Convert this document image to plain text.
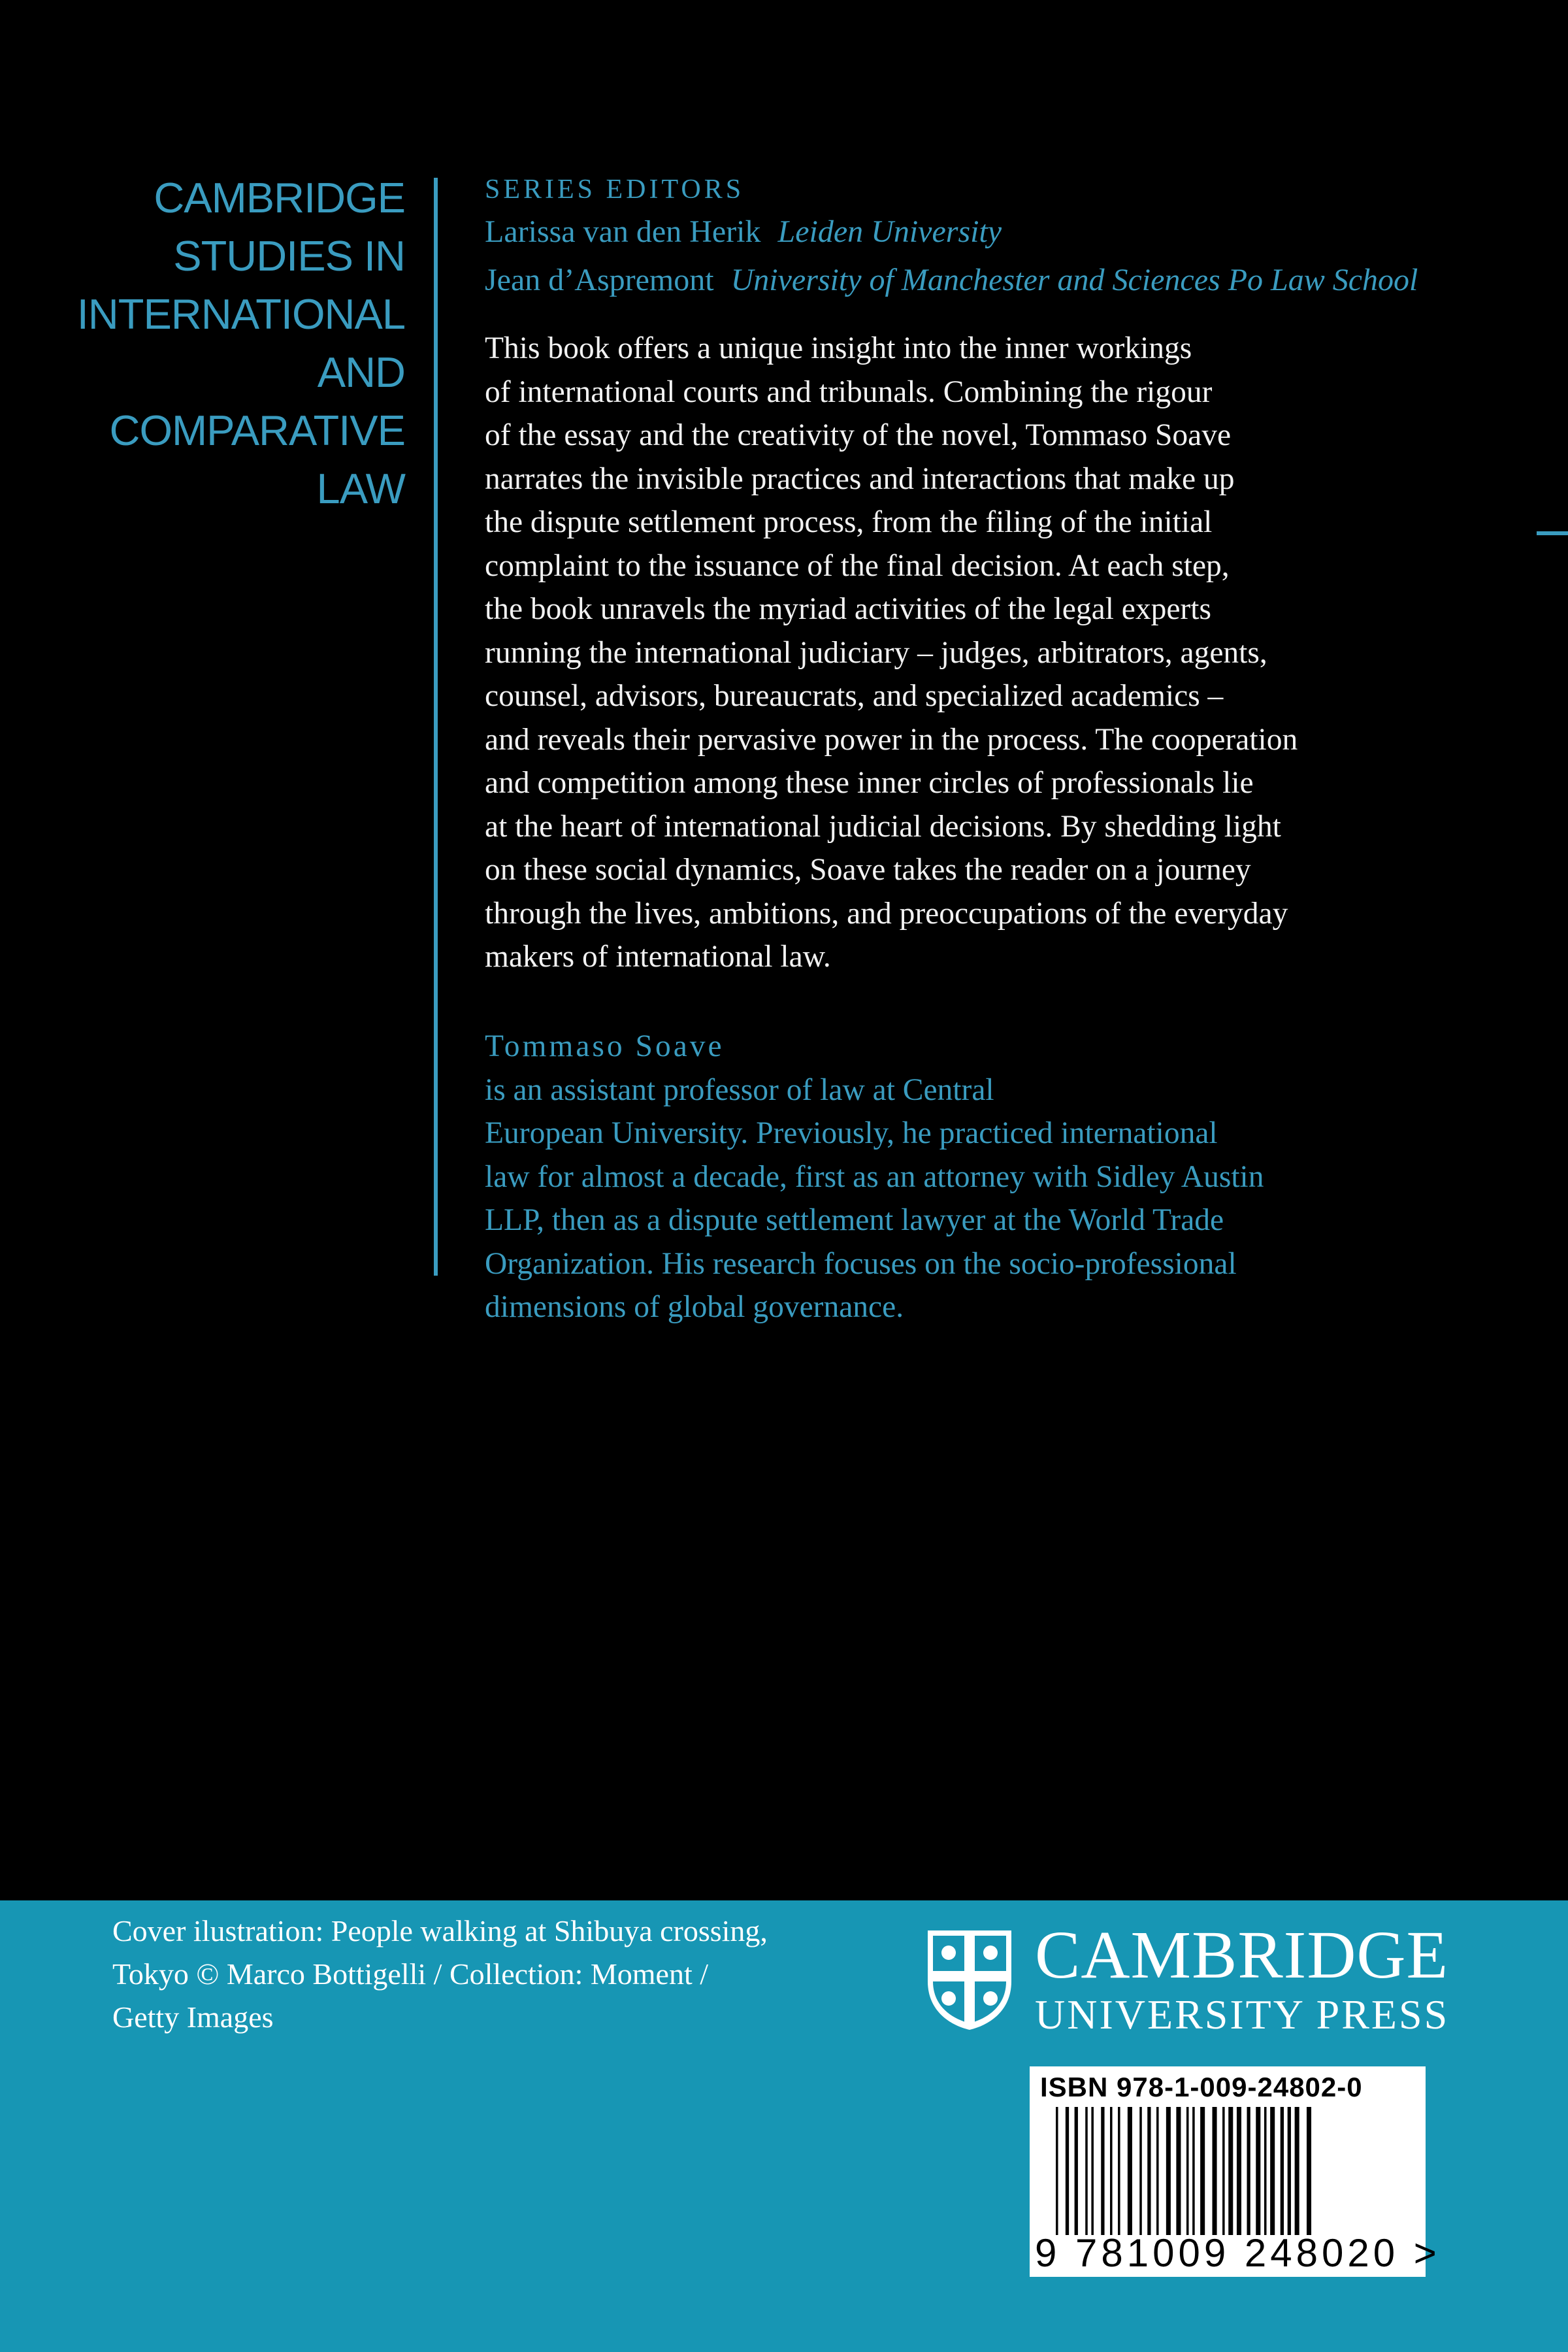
CAMBRIDGE
STUDIES IN
INTERNATIONAL
AND
COMPARATIVE
LAW
SERIES EDITORS
Larissa van den Herik Leiden University
Jean d’Aspremont University of Manchester and Sciences Po Law School

This book offers a unique insight into the inner workings
of international courts and tribunals. Combining the rigour
of the essay and the creativity of the novel, Tommaso Soave
narrates the invisible practices and interactions that make up
the dispute settlement process, from the filing of the initial
complaint to the issuance of the final decision. At each step,
the book unravels the myriad activities of the legal experts
running the international judiciary – judges, arbitrators, agents,
counsel, advisors, bureaucrats, and specialized academics –
and reveals their pervasive power in the process. The cooperation
and competition among these inner circles of professionals lie
at the heart of international judicial decisions. By shedding light
on these social dynamics, Soave takes the reader on a journey
through the lives, ambitions, and preoccupations of the everyday
makers of international law.

Tommaso Soave
is an assistant professor of law at Central
European University. Previously, he practiced international
law for almost a decade, first as an attorney with Sidley Austin
LLP, then as a dispute settlement lawyer at the World Trade
Organization. His research focuses on the socio-professional
dimensions of global governance.

Cover ilustration: People walking at Shibuya crossing,
Tokyo © Marco Bottigelli / Collection: Moment /
Getty Images
CAMBRIDGE
UNIVERSITY PRESS
ISBN 978-1-009-24802-0
9 781009 248020 >
